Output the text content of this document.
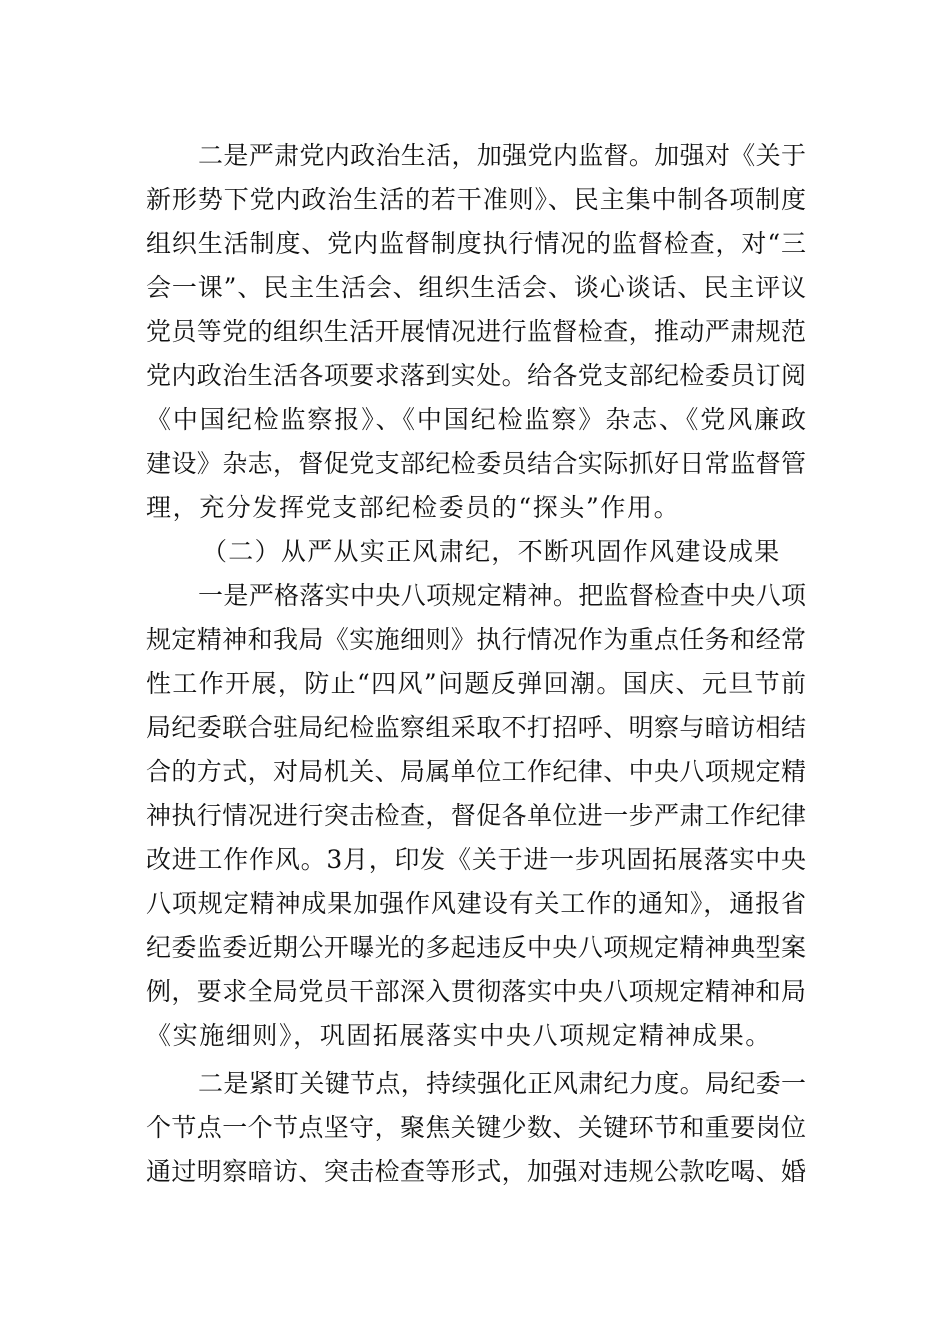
二是严肃党内政治生活，加强党内监督。加强对《关于
新形势下党内政治生活的若干准则》、民主集中制各项制度
组织生活制度、党内监督制度执行情况的监督检查，对“三
会一课”、民主生活会、组织生活会、谈心谈话、民主评议
党员等党的组织生活开展情况进行监督检查，推动严肃规范
党内政治生活各项要求落到实处。给各党支部纪检委员订阅
《中国纪检监察报》、《中国纪检监察》杂志、《党风廉政
建设》杂志，督促党支部纪检委员结合实际抓好日常监督管
理，充分发挥党支部纪检委员的“探头”作用。
（二）从严从实正风肃纪，不断巩固作风建设成果
一是严格落实中央八项规定精神。把监督检查中央八项
规定精神和我局《实施细则》执行情况作为重点任务和经常
性工作开展，防止“四风”问题反弹回潮。国庆、元旦节前
局纪委联合驻局纪检监察组采取不打招呼、明察与暗访相结
合的方式，对局机关、局属单位工作纪律、中央八项规定精
神执行情况进行突击检查，督促各单位进一步严肃工作纪律
改进工作作风。3月，印发《关于进一步巩固拓展落实中央
八项规定精神成果加强作风建设有关工作的通知》，通报省
纪委监委近期公开曝光的多起违反中央八项规定精神典型案
例，要求全局党员干部深入贯彻落实中央八项规定精神和局
《实施细则》，巩固拓展落实中央八项规定精神成果。
二是紧盯关键节点，持续强化正风肃纪力度。局纪委一
个节点一个节点坚守，聚焦关键少数、关键环节和重要岗位
通过明察暗访、突击检查等形式，加强对违规公款吃喝、婚
